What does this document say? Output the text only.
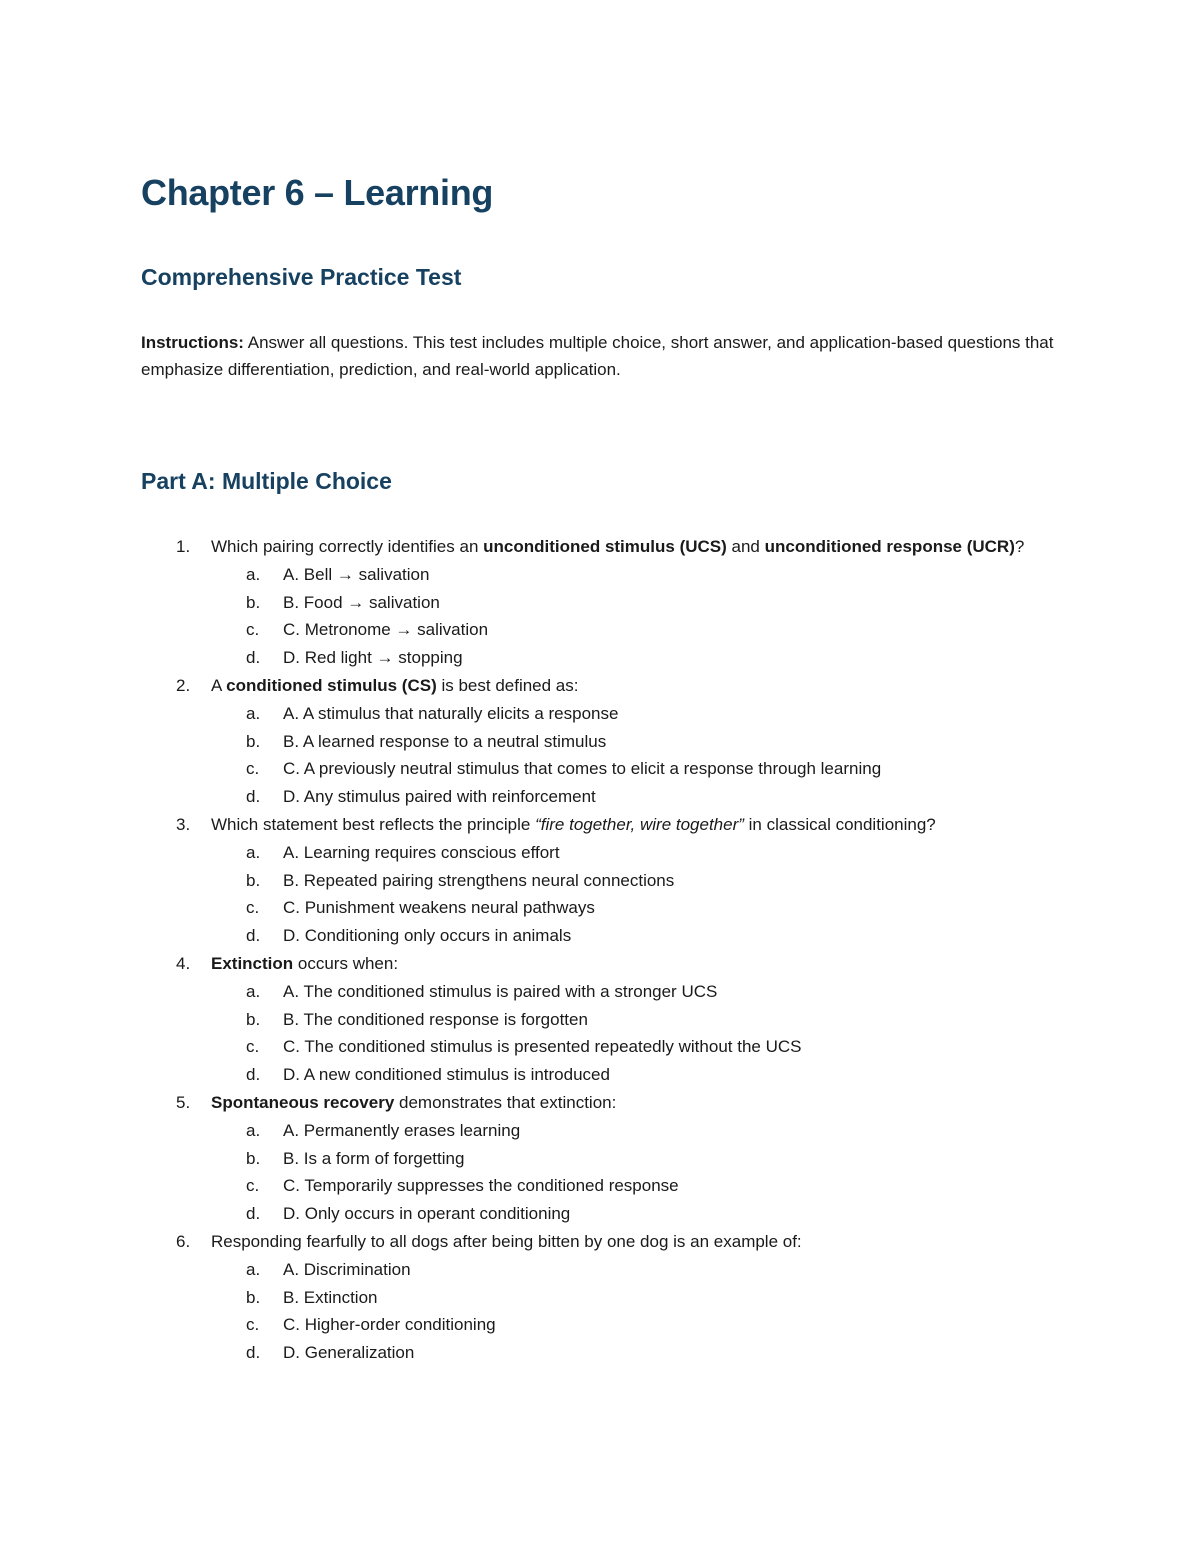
Chapter 6 – Learning
Comprehensive Practice Test

Instructions: Answer all questions. This test includes multiple choice, short answer, and application-based questions that emphasize differentiation, prediction, and real-world application.

Part A: Multiple Choice
1. Which pairing correctly identifies an unconditioned stimulus (UCS) and unconditioned response (UCR)?
a. A. Bell → salivation
b. B. Food → salivation
c. C. Metronome → salivation
d. D. Red light → stopping
2. A conditioned stimulus (CS) is best defined as:
a. A. A stimulus that naturally elicits a response
b. B. A learned response to a neutral stimulus
c. C. A previously neutral stimulus that comes to elicit a response through learning
d. D. Any stimulus paired with reinforcement
3. Which statement best reflects the principle “fire together, wire together” in classical conditioning?
a. A. Learning requires conscious effort
b. B. Repeated pairing strengthens neural connections
c. C. Punishment weakens neural pathways
d. D. Conditioning only occurs in animals
4. Extinction occurs when:
a. A. The conditioned stimulus is paired with a stronger UCS
b. B. The conditioned response is forgotten
c. C. The conditioned stimulus is presented repeatedly without the UCS
d. D. A new conditioned stimulus is introduced
5. Spontaneous recovery demonstrates that extinction:
a. A. Permanently erases learning
b. B. Is a form of forgetting
c. C. Temporarily suppresses the conditioned response
d. D. Only occurs in operant conditioning
6. Responding fearfully to all dogs after being bitten by one dog is an example of:
a. A. Discrimination
b. B. Extinction
c. C. Higher-order conditioning
d. D. Generalization
